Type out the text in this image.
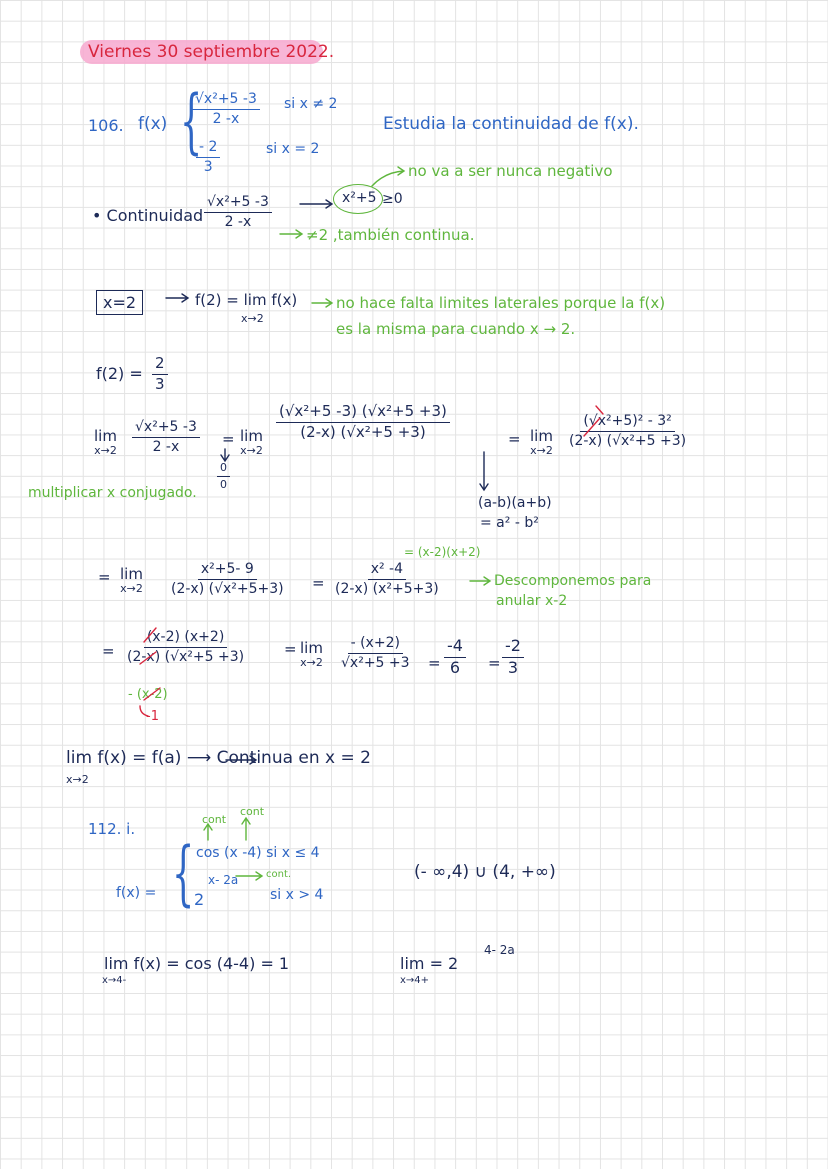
Viernes 30 septiembre 2022.
106. f(x) {
$\frac{\text{√x²+5 -3}}{2 -x}$ si x ≠ 2
$\frac{- 2}{3}$	si x = 2
Estudia la continuidad de f(x).
no va a ser nunca negativo
• Continuidad $\frac{\text{√x²+5 -3}}{2 -x}$	x²+5 ≥0
≠2 ,también continua.
x=2	f(2) = lim f(x)
x→2
no hace falta limites laterales porque la f(x)
es la misma para cuando x → 2.
$f(2) = \frac{2}{3}$
lim
$x\to 2 \frac{\text{√x²+5 -3}}{2 -x}$ =
$\frac{0}{0}$
lim
x→2
$\frac{\text{(√x²+5 -3) (√x²+5 +3)}}{\text{(2-x) (√x²+5 +3)}}$	= lim
x→2
$\frac{\text{(√x²+5)² - 3²}}{\text{(2-x) (√x²+5 +3)}}$
(a-b)(a+b)
= a² - b²
multiplicar x conjugado.
= lim
$x\to 2 \frac{\text{x²+5- 9}}{\text{(2-x) (√x²+5+3)}} = \frac{\text{x² -4}}{\text{(2-x) (x²+5+3)}}$
= (x-2)(x+2)
Descomponemos para
anular x-2
= $\frac{(x-2) (x+2)}{\text{(2-x) (√x²+5 +3)}}$
- (x-2)
-1
= lim
$x\to 2 \frac{- (x+2)}{\text{√x²+5 +3}} = \frac{-4}{6} = \frac{-2}{3}$
lim f(x) = f(a) ⟶ Continua en x = 2
x→2
112. i.
cont
cont
{ cos (x -4) si x ≤ 4
f(x) = 2
x- 2a	cont.
si x > 4
(- ∞,4) ∪ (4, +∞)
lim f(x) = cos (4-4) = 1
x→4-
lim = 2
4- 2a
x→4+
